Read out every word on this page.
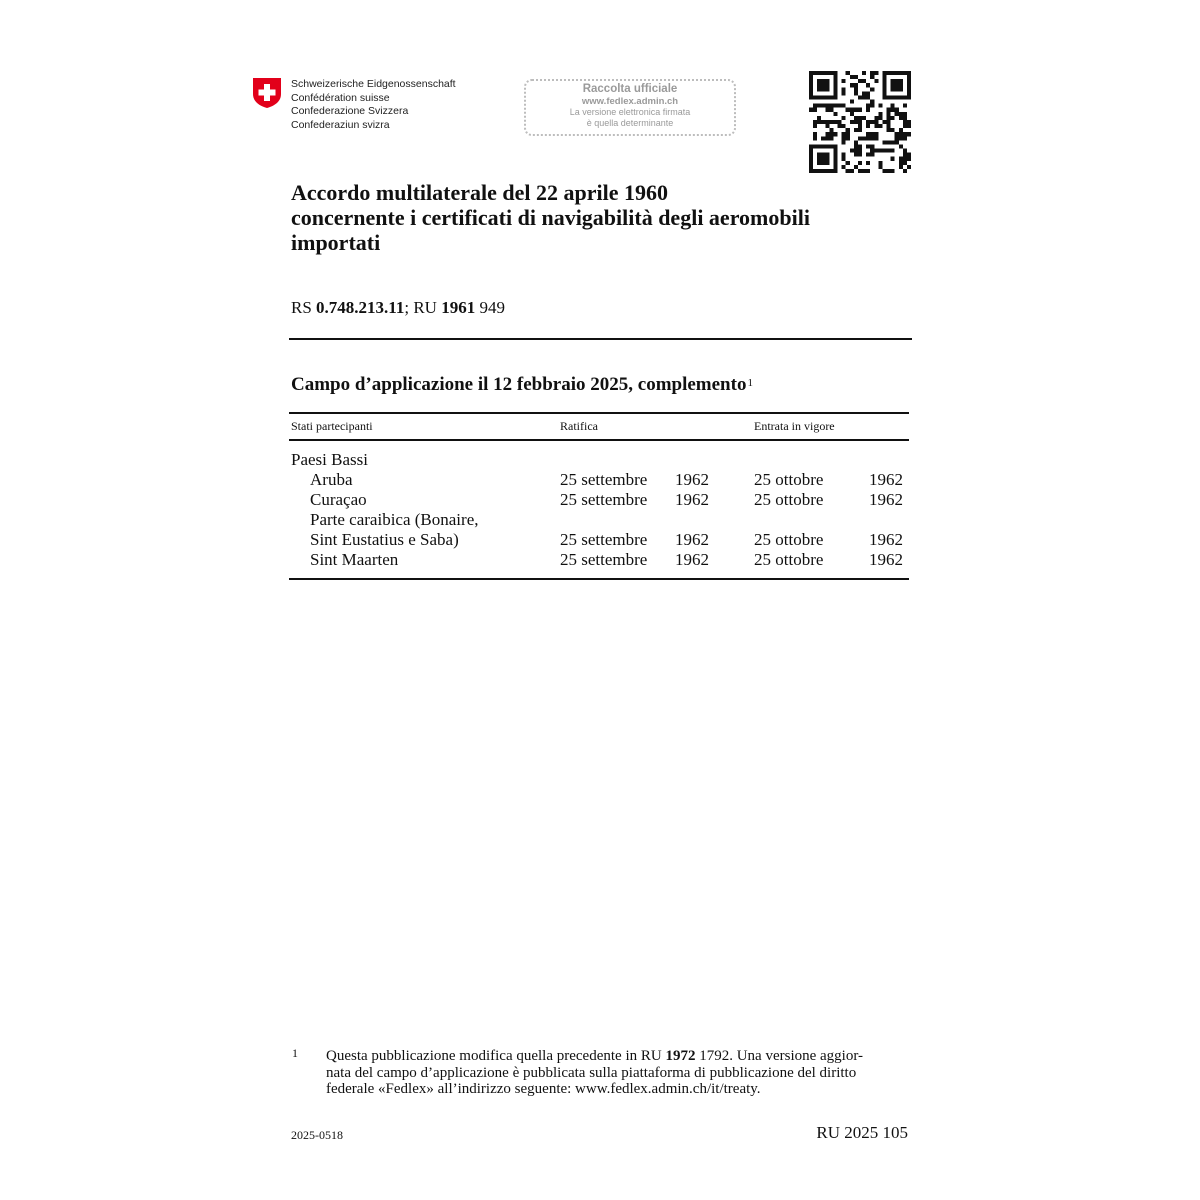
Schweizerische Eidgenossenschaft
Confédération suisse
Confederazione Svizzera
Confederaziun svizra
Raccolta ufficiale
www.fedlex.admin.ch
La versione elettronica firmata
è quella determinante
Accordo multilaterale del 22 aprile 1960
concernente i certificati di navigabilità degli aeromobili
importati
RS 0.748.213.11; RU 1961 949
Campo d’applicazione il 12 febbraio 2025, complemento$^1$
Stati partecipanti	Ratifica	Entrata in vigore
Paesi Bassi
Aruba	25 settembre 1962	25 ottobre	1962
Curaçao	25 settembre 1962	25 ottobre	1962
Parte caraibica (Bonaire,
Sint Eustatius e Saba)	25 settembre 1962	25 ottobre	1962
Sint Maarten	25 settembre 1962	25 ottobre	1962
1 Questa pubblicazione modifica quella precedente in RU 1972 1792. Una versione aggior-
nata del campo d’applicazione è pubblicata sulla piattaforma di pubblicazione del diritto
federale «Fedlex» all’indirizzo seguente: www.fedlex.admin.ch/it/treaty.
2025-0518	RU 2025 105
